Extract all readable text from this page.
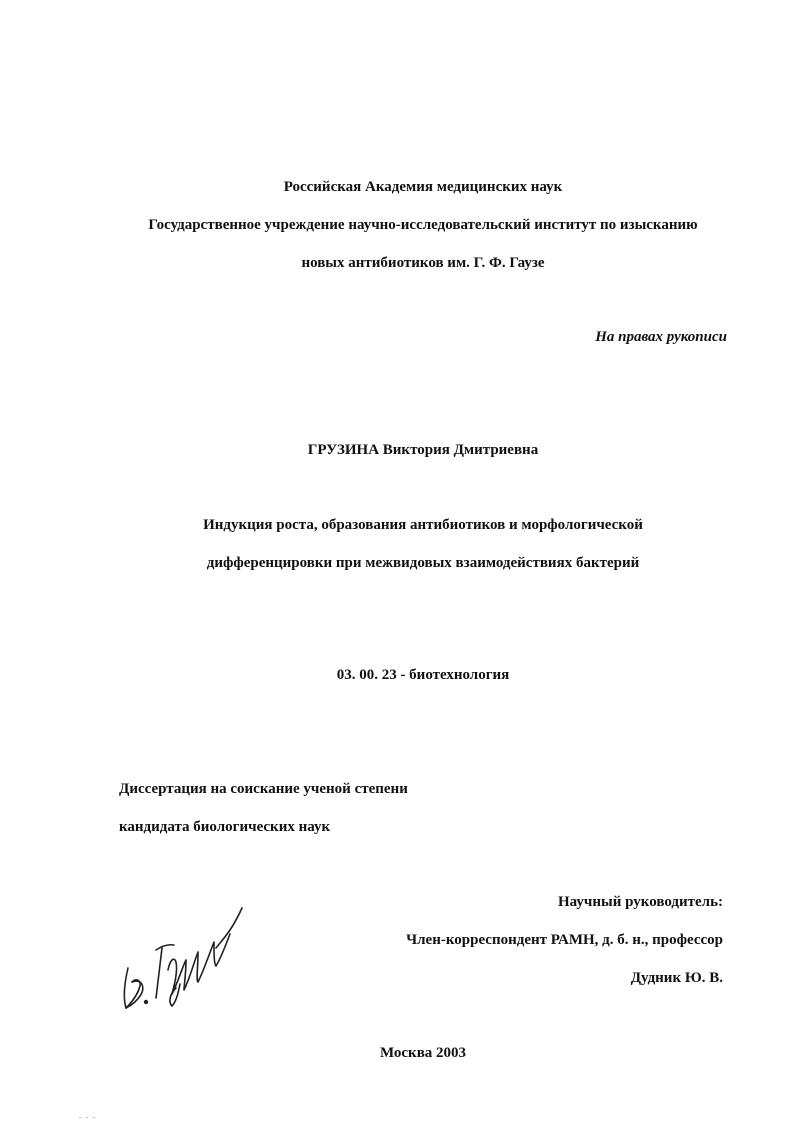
Российская Академия медицинских наук
Государственное учреждение научно-исследовательский институт по изысканию
новых антибиотиков им. Г. Ф. Гаузе
На правах рукописи
ГРУЗИНА Виктория Дмитриевна
Индукция роста, образования антибиотиков и морфологической
дифференцировки при межвидовых взаимодействиях бактерий
03. 00. 23 - биотехнология
Диссертация на соискание ученой степени
кандидата биологических наук
Научный руководитель:
Член-корреспондент РАМН, д. б. н., профессор
Дудник Ю. В.
Москва 2003
